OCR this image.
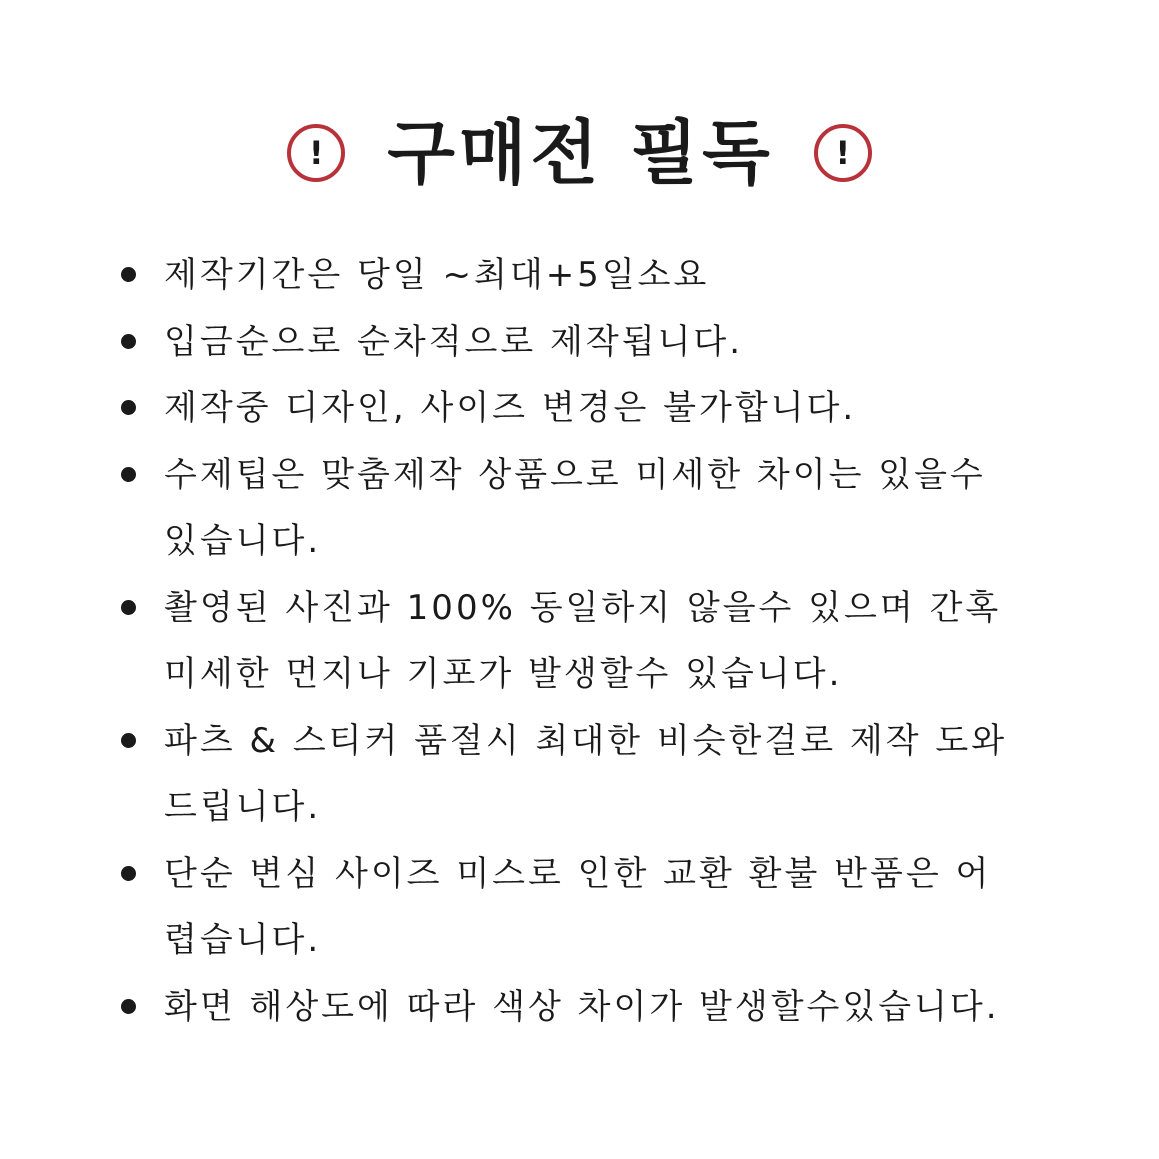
! 구매전 필독	!
제작기간은 당일 ~최대+5일소요
입금순으로 순차적으로 제작됩니다.
제작중 디자인, 사이즈 변경은 불가합니다.
수제팁은 맞춤제작 상품으로 미세한 차이는 있을수
있습니다.
촬영된 사진과 100% 동일하지 않을수 있으며 간혹
미세한 먼지나 기포가 발생할수 있습니다.
파츠 & 스티커 품절시 최대한 비슷한걸로 제작 도와
드립니다.
단순 변심 사이즈 미스로 인한 교환 환불 반품은 어
렵습니다.
화면 해상도에 따라 색상 차이가 발생할수있습니다.
